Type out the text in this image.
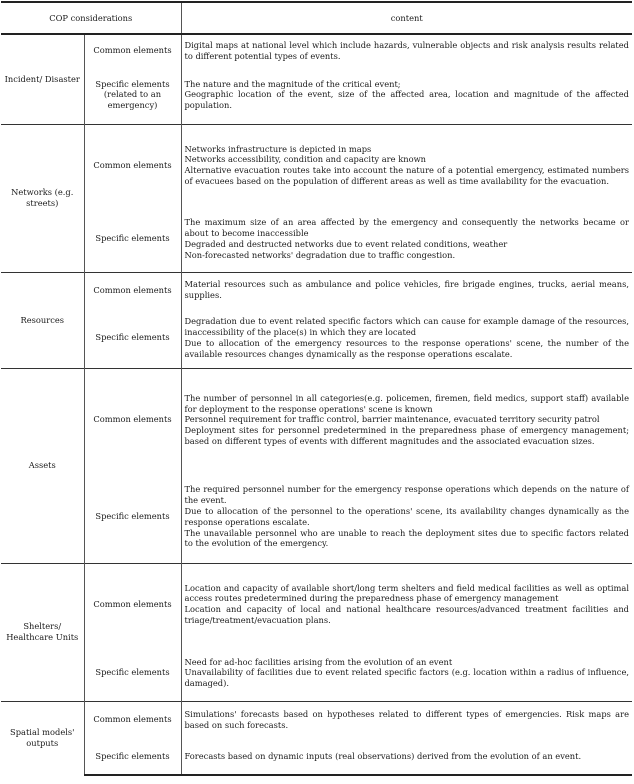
COP considerations		content
Incident/ Disaster	Common elements	Digital maps at national level which include hazards, vulnerable objects and risk analysis results related to different potential types of events.

	Specific elements (related to an emergency)	The nature and the magnitude of the critical event;
Geographic location of the event, size of the affected area, location and magnitude of the affected population.

Networks (e.g. streets)	Common elements	Networks infrastructure is depicted in maps
Networks accessibility, condition and capacity are known
Alternative evacuation routes take into account the nature of a potential emergency, estimated numbers of evacuees based on the population of different areas as well as time availability for the evacuation.

	Specific elements	The maximum size of an area affected by the emergency and consequently the networks became or about to become inaccessible
Degraded and destructed networks due to event related conditions, weather
Non-forecasted networks' degradation due to traffic congestion.

Resources	Common elements	Material resources such as ambulance and police vehicles, fire brigade engines, trucks, aerial means, supplies.

	Specific elements	Degradation due to event related specific factors which can cause for example damage of the resources, inaccessibility of the place(s) in which they are located
Due to allocation of the emergency resources to the response operations' scene, the number of the available resources changes dynamically as the response operations escalate.

Assets	Common elements	The number of personnel in all categories(e.g. policemen, firemen, field medics, support staff) available for deployment to the response operations' scene is known
Personnel requirement for traffic control, barrier maintenance, evacuated territory security patrol
Deployment sites for personnel predetermined in the preparedness phase of emergency management; based on different types of events with different magnitudes and the associated evacuation sizes.

	Specific elements	The required personnel number for the emergency response operations which depends on the nature of the event.
Due to allocation of the personnel to the operations' scene, its availability changes dynamically as the response operations escalate.
The unavailable personnel who are unable to reach the deployment sites due to specific factors related to the evolution of the emergency.

Shelters/ Healthcare Units	Common elements	Location and capacity of available short/long term shelters and field medical facilities as well as optimal access routes predetermined during the preparedness phase of emergency management
Location and capacity of local and national healthcare resources/advanced treatment facilities and triage/treatment/evacuation plans.

	Specific elements	Need for ad-hoc facilities arising from the evolution of an event
Unavailability of facilities due to event related specific factors (e.g. location within a radius of influence, damaged).

Spatial models' outputs	Common elements	Simulations' forecasts based on hypotheses related to different types of emergencies. Risk maps are based on such forecasts.

	Specific elements	Forecasts based on dynamic inputs (real observations) derived from the evolution of an event.
